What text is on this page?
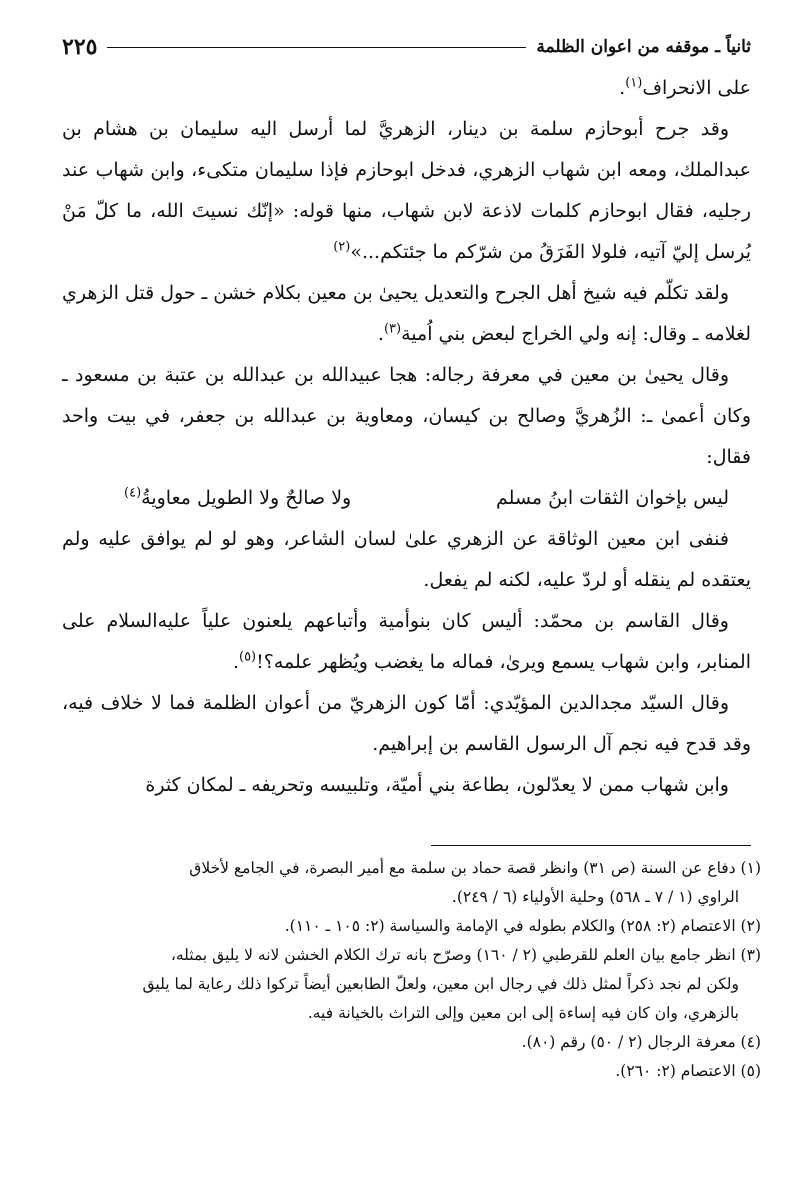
ثانياً ـ موقفه من اعوان الظلمة
٢٢٥

على الانحراف$^{(١)}$.

وقد جرح أبوحازم سلمة بن دينار، الزهريَّ لما أرسل اليه سليمان بن هشام بن عبدالملك، ومعه ابن شهاب الزهري، فدخل ابوحازم فإذا سليمان متكىء، وابن شهاب عند رجليه، فقال ابوحازم كلمات لاذعة لابن شهاب، منها قوله: «إنّك نسيتَ الله، ما كلّ مَنْ يُرسل إليّ آتيه، فلولا الفَرَقُ من شرّكم ما جئتكم...»$^{(٢)}$

ولقد تكلّم فيه شيخ أهل الجرح والتعديل يحيىٰ بن معين بكلام خشن ـ حول قتل الزهري لغلامه ـ وقال: إنه ولي الخراج لبعض بني اُمية$^{(٣)}$.

وقال يحيىٰ بن معين في معرفة رجاله: هجا عبيدالله بن عبدالله بن عتبة بن مسعود ـ وكان أعمىٰ ـ: الزُهريَّ وصالح بن كيسان، ومعاوية بن عبدالله بن جعفر، في بيت واحد فقال:

ليس بإخوان الثقات ابنُ مسلم
ولا صالحٌ ولا الطويل معاويةُ$^{(٤)}$

فنفى ابن معين الوثاقة عن الزهري علىٰ لسان الشاعر، وهو لو لم يوافق عليه ولم يعتقده لم ينقله أو لردّ عليه، لكنه لم يفعل.

وقال القاسم بن محمّد: أليس كان بنوأمية وأتباعهم يلعنون علياً عليه‌السلام على المنابر، وابن شهاب يسمع ويرىٰ، فماله ما يغضب ويُظهر علمه؟!$^{(٥)}$.

وقال السيّد مجدالدين المؤيّدي: أمّا كون الزهريّ من أعوان الظلمة فما لا خلاف فيه، وقد قدح فيه نجم آل الرسول القاسم بن إبراهيم.

وابن شهاب ممن لا يعدّلون، بطاعة بني أميّة، وتلبيسه وتحريفه ـ لمكان كثرة

(١) دفاع عن السنة (ص ٣١) وانظر قصة حماد بن سلمة مع أمير البصرة، في الجامع لأخلاق

الراوي (١ / ٧ ـ ٥٦٨) وحلية الأولياء (٦ / ٢٤٩).

(٢) الاعتصام (٢: ٢٥٨) والكلام بطوله في الإمامة والسياسة (٢: ١٠٥ ـ ١١٠).

(٣) انظر جامع بيان العلم للقرطبي (٢ / ١٦٠) وصرّح بانه ترك الكلام الخشن لانه لا يليق بمثله،

ولكن لم نجد ذكراً لمثل ذلك في رجال ابن معين، ولعلّ الطابعين أيضاً تركوا ذلك رعاية لما يليق

بالزهري، وان كان فيه إساءة إلى ابن معين وإلى التراث بالخيانة فيه.

(٤) معرفة الرجال (٢ / ٥٠) رقم (٨٠).

(٥) الاعتصام (٢: ٢٦٠).
